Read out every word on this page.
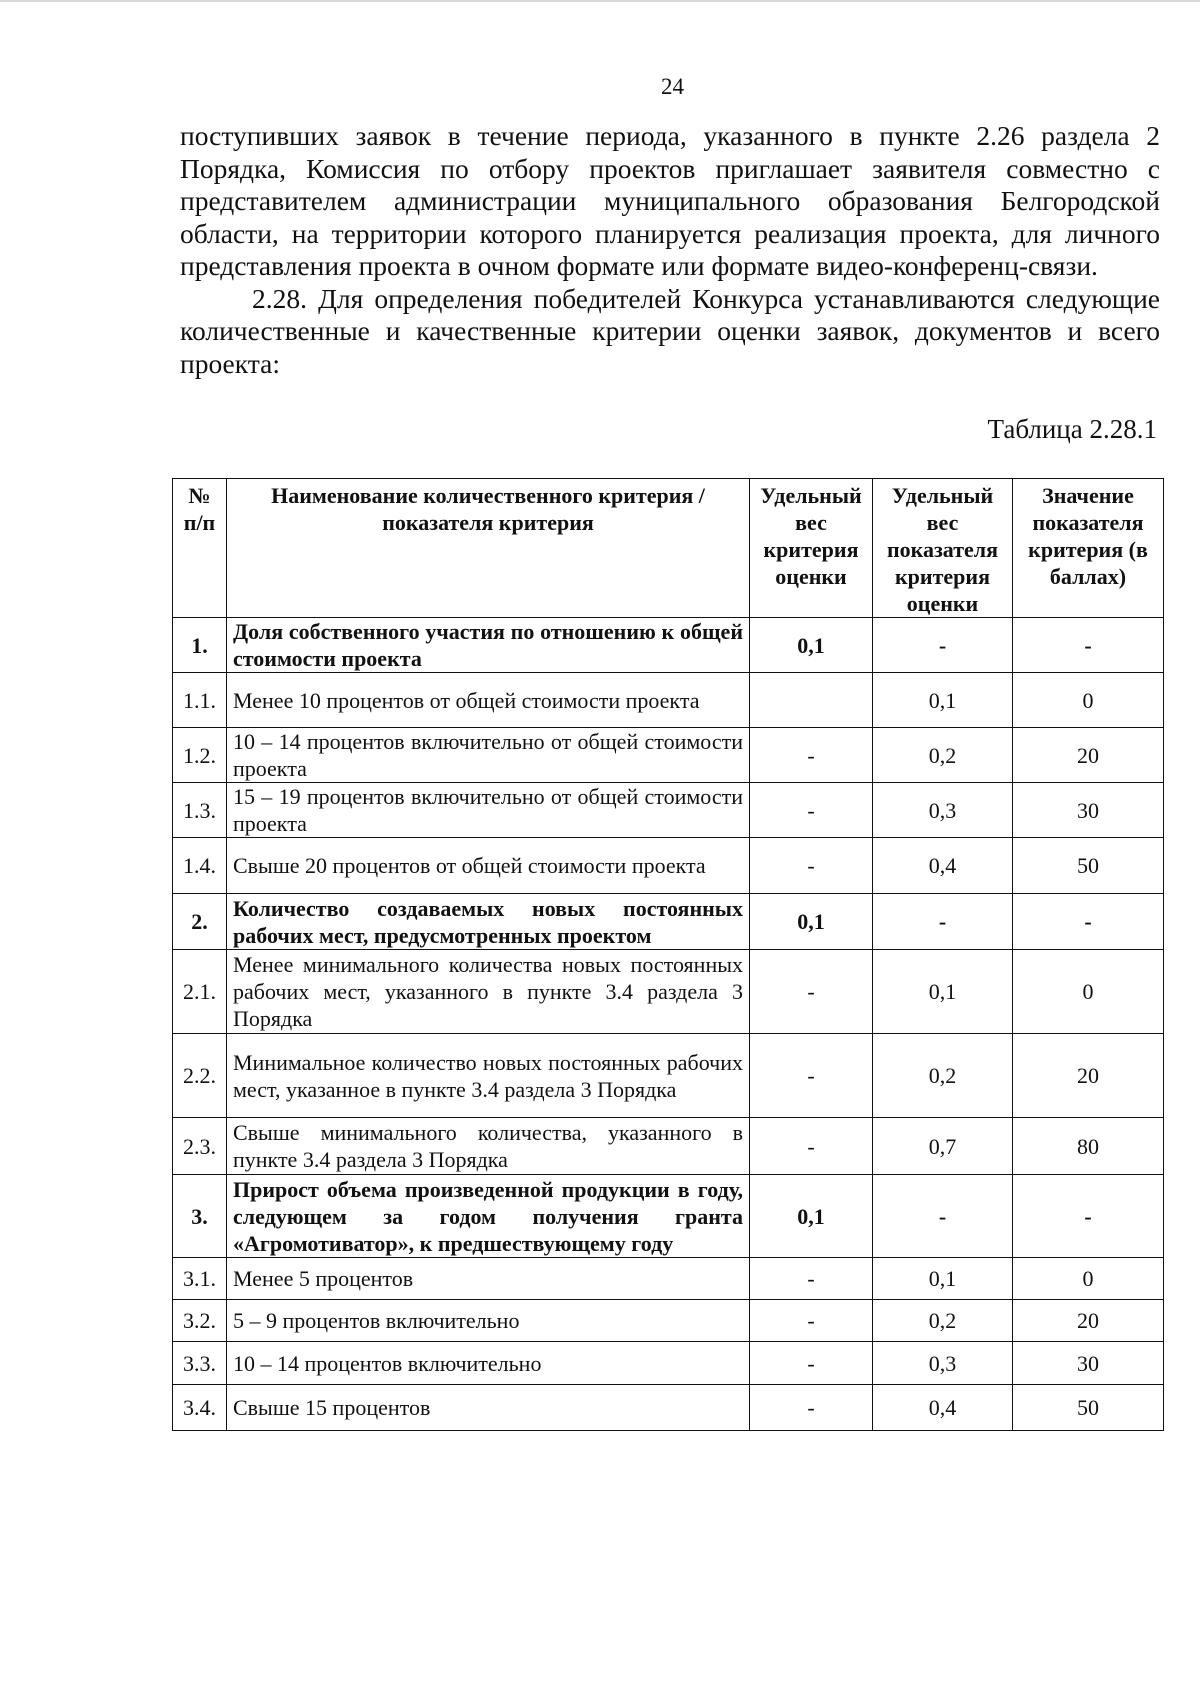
24

поступивших заявок в течение периода, указанного в пункте 2.26 раздела 2 Порядка, Комиссия по отбору проектов приглашает заявителя совместно с представителем администрации муниципального образования Белгородской области, на территории которого планируется реализация проекта, для личного представления проекта в очном формате или формате видео-конференц-связи.

2.28. Для определения победителей Конкурса устанавливаются следующие количественные и качественные критерии оценки заявок, документов и всего проекта:

Таблица 2.28.1
№ п/п	Наименование количественного критерия / показателя критерия	Удельный вес критерия оценки	Удельный вес показателя критерия оценки	Значение показателя критерия (в баллах)
1.	Доля собственного участия по отношению к общей стоимости проекта	0,1	-	-
1.1.	Менее 10 процентов от общей стоимости проекта		0,1	0
1.2.	10 – 14 процентов включительно от общей стоимости проекта	-	0,2	20
1.3.	15 – 19 процентов включительно от общей стоимости проекта	-	0,3	30
1.4.	Свыше 20 процентов от общей стоимости проекта	-	0,4	50
2.	Количество создаваемых новых постоянных рабочих мест, предусмотренных проектом	0,1	-	-
2.1.	Менее минимального количества новых постоянных рабочих мест, указанного в пункте 3.4 раздела 3 Порядка	-	0,1	0
2.2.	Минимальное количество новых постоянных рабочих мест, указанное в пункте 3.4 раздела 3 Порядка	-	0,2	20
2.3.	Свыше минимального количества, указанного в пункте 3.4 раздела 3 Порядка	-	0,7	80
3.	Прирост объема произведенной продукции в году, следующем за годом получения гранта «Агромотиватор», к предшествующему году	0,1	-	-
3.1.	Менее 5 процентов	-	0,1	0
3.2.	5 – 9 процентов включительно	-	0,2	20
3.3.	10 – 14 процентов включительно	-	0,3	30
3.4.	Свыше 15 процентов	-	0,4	50
